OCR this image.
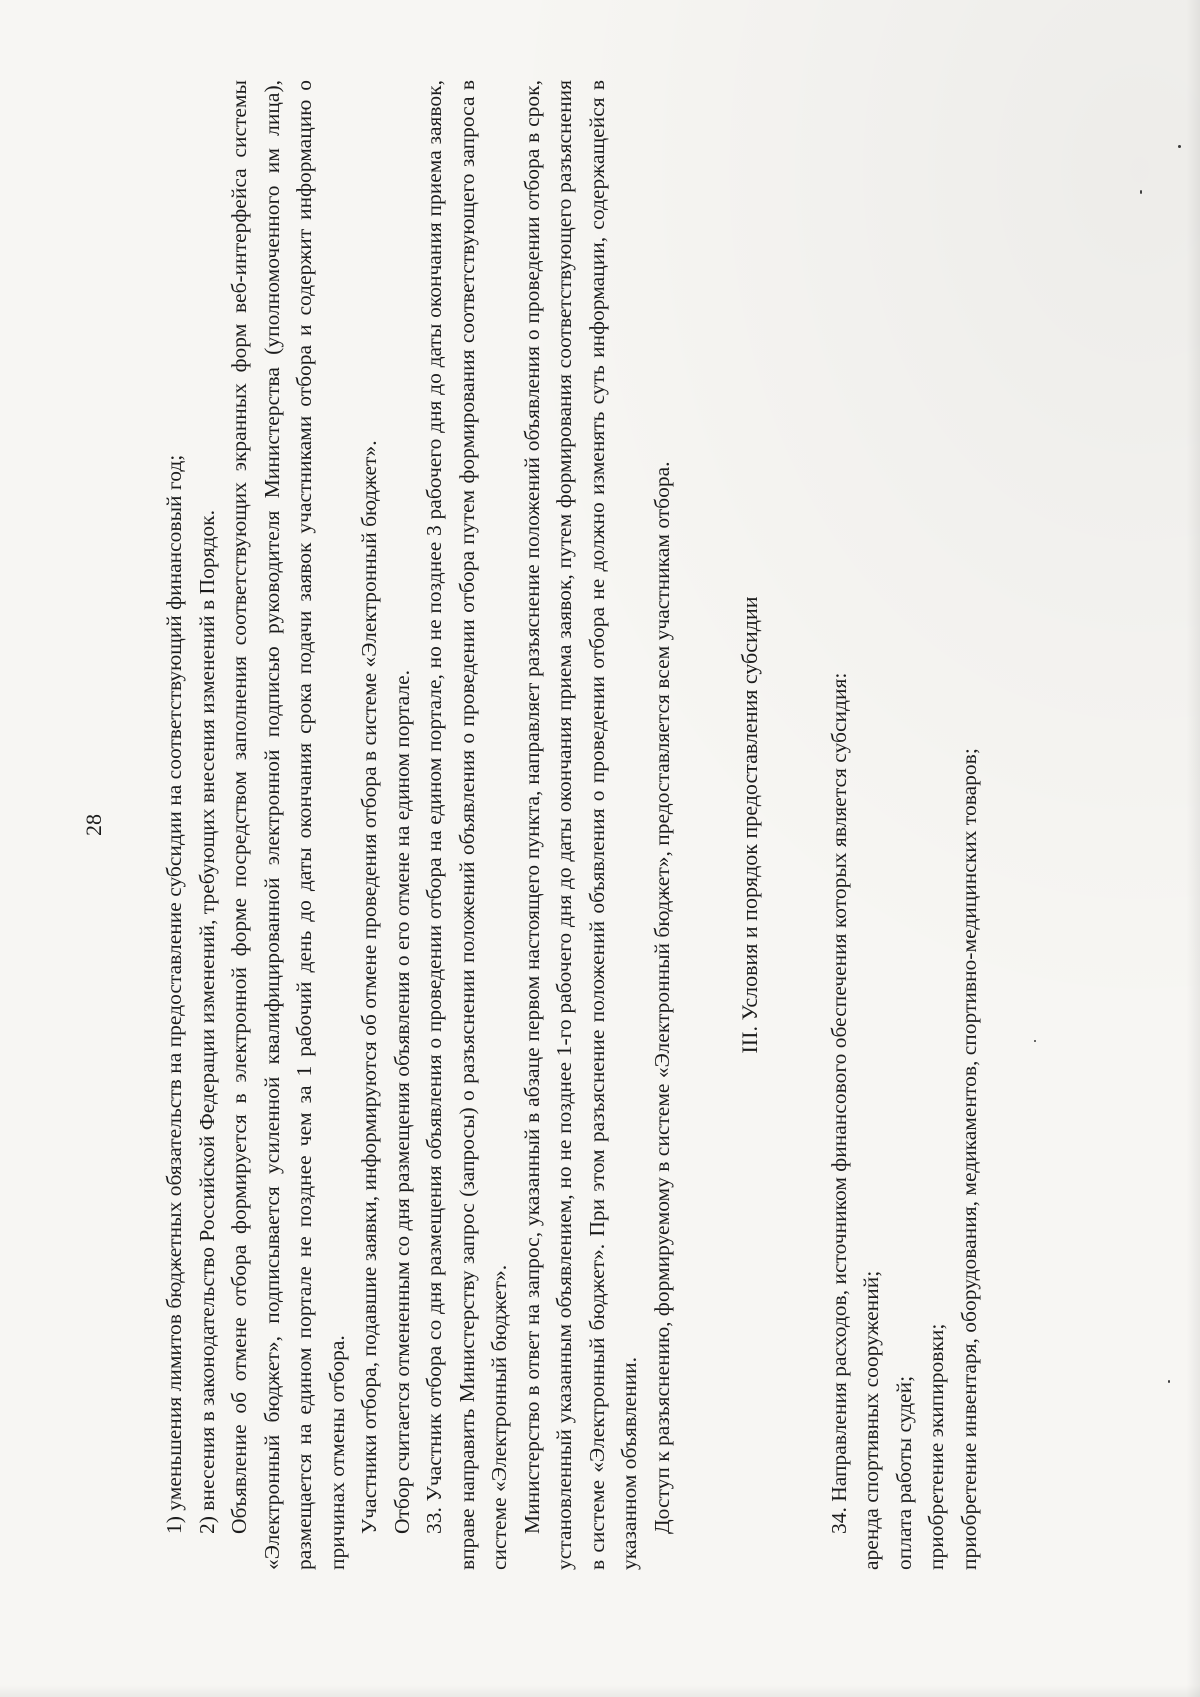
28	1) уменьшения лимитов бюджетных обязательств на предоставление субсидии на соответствующий финансовый год; 2) внесения в законодательство Российской Федерации изменений, требующих внесения изменений в Порядок. Объявление об отмене отбора формируется в электронной форме посредством заполнения соответствующих экранных форм веб-интерфейса системы «Электронный бюджет», подписывается усиленной квалифицированной электронной подписью руководителя Министерства (уполномоченного им лица), размещается на едином портале не позднее чем за 1 рабочий день до даты окончания срока подачи заявок участниками отбора и содержит информацию о причинах отмены отбора. Участники отбора, подавшие заявки, информируются об отмене проведения отбора в системе «Электронный бюджет». Отбор считается отмененным со дня размещения объявления о его отмене на едином портале. 33. Участник отбора со дня размещения объявления о проведении отбора на едином портале, но не позднее 3 рабочего дня до даты окончания приема заявок, вправе направить Министерству запрос (запросы) о разъяснении положений объявления о проведении отбора путем формирования соответствующего запроса в системе «Электронный бюджет». Министерство в ответ на запрос, указанный в абзаце первом настоящего пункта, направляет разъяснение положений объявления о проведении отбора в срок, установленный указанным объявлением, но не позднее 1-го рабочего дня до даты окончания приема заявок, путем формирования соответствующего разъяснения в системе «Электронный бюджет». При этом разъяснение положений объявления о проведении отбора не должно изменять суть информации, содержащейся в указанном объявлении. Доступ к разъяснению, формируемому в системе «Электронный бюджет», предоставляется всем участникам отбора.	III. Условия и порядок предоставления субсидии	34. Направления расходов, источником финансового обеспечения которых является субсидия: аренда спортивных сооружений; оплата работы судей; приобретение экипировки; приобретение инвентаря, оборудования, медикаментов, спортивно-медицинских товаров;
